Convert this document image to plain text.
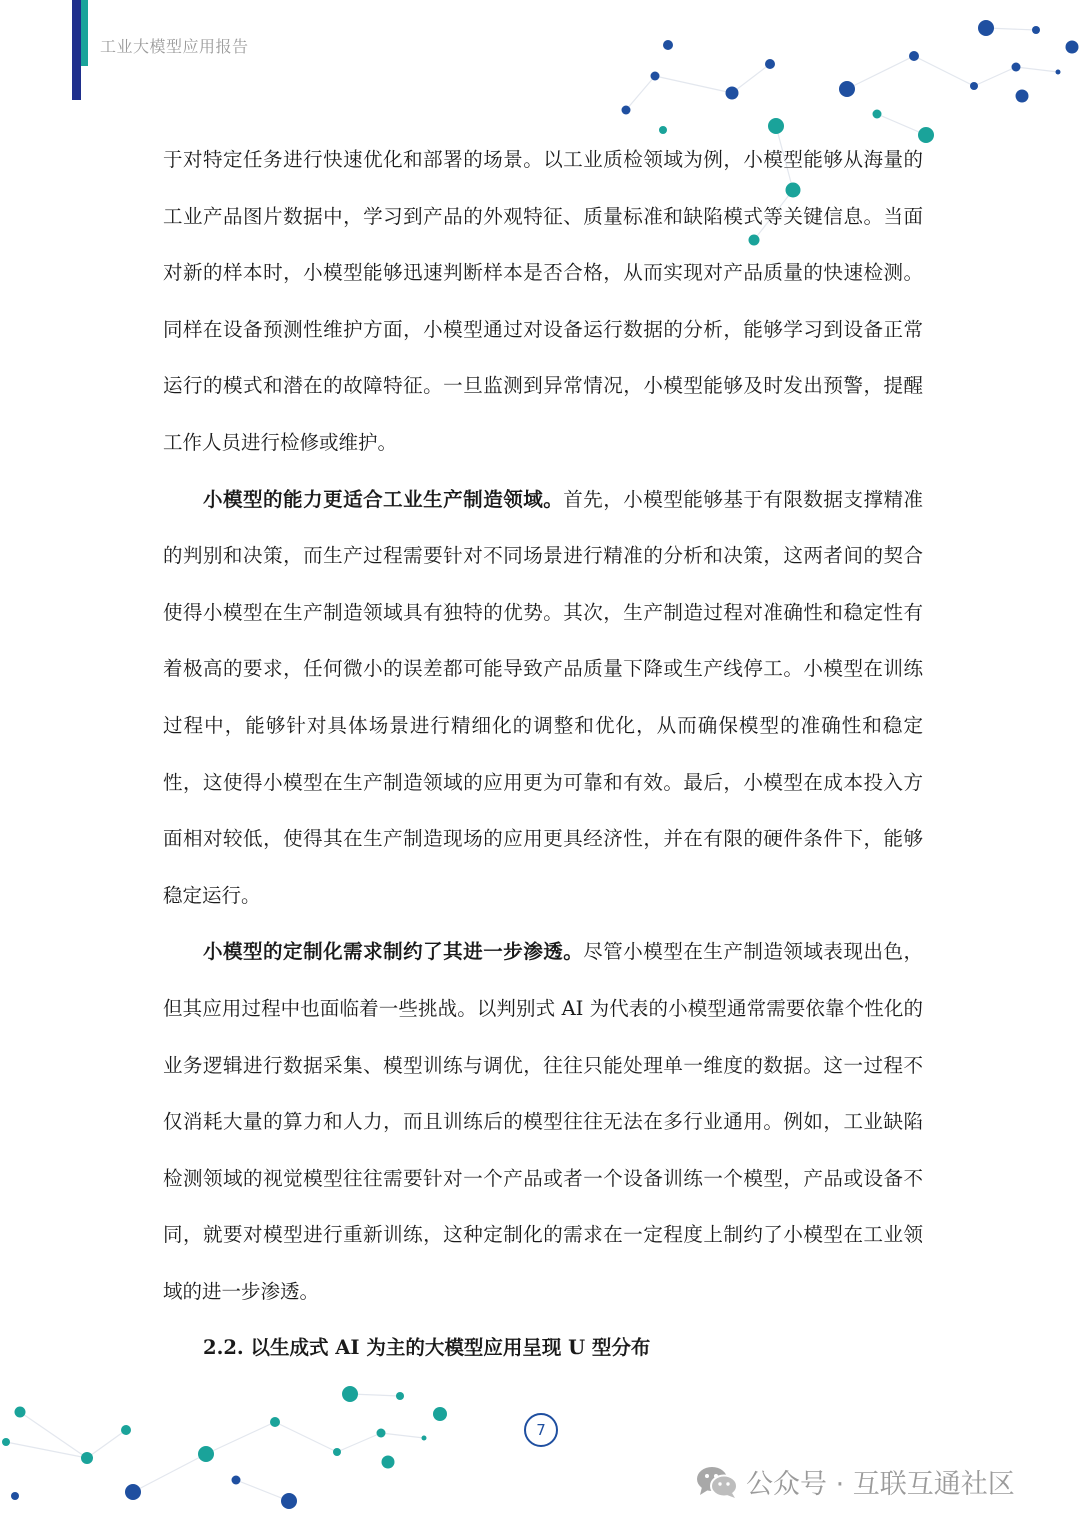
工业大模型应用报告

于对特定任务进行快速优化和部署的场景。以工业质检领域为例，小模型能够从海量的工业产品图片数据中，学习到产品的外观特征、质量标准和缺陷模式等关键信息。当面对新的样本时，小模型能够迅速判断样本是否合格，从而实现对产品质量的快速检测。同样在设备预测性维护方面，小模型通过对设备运行数据的分析，能够学习到设备正常运行的模式和潜在的故障特征。一旦监测到异常情况，小模型能够及时发出预警，提醒工作人员进行检修或维护。

小模型的能力更适合工业生产制造领域。首先，小模型能够基于有限数据支撑精准的判别和决策，而生产过程需要针对不同场景进行精准的分析和决策，这两者间的契合使得小模型在生产制造领域具有独特的优势。其次，生产制造过程对准确性和稳定性有着极高的要求，任何微小的误差都可能导致产品质量下降或生产线停工。小模型在训练过程中，能够针对具体场景进行精细化的调整和优化，从而确保模型的准确性和稳定性，这使得小模型在生产制造领域的应用更为可靠和有效。最后，小模型在成本投入方面相对较低，使得其在生产制造现场的应用更具经济性，并在有限的硬件条件下，能够稳定运行。

小模型的定制化需求制约了其进一步渗透。尽管小模型在生产制造领域表现出色，但其应用过程中也面临着一些挑战。以判别式 AI 为代表的小模型通常需要依靠个性化的业务逻辑进行数据采集、模型训练与调优，往往只能处理单一维度的数据。这一过程不仅消耗大量的算力和人力，而且训练后的模型往往无法在多行业通用。例如，工业缺陷检测领域的视觉模型往往需要针对一个产品或者一个设备训练一个模型，产品或设备不同，就要对模型进行重新训练，这种定制化的需求在一定程度上制约了小模型在工业领域的进一步渗透。

2.2. 以生成式 AI 为主的大模型应用呈现 U 型分布
7
公众号 · 互联互通社区
